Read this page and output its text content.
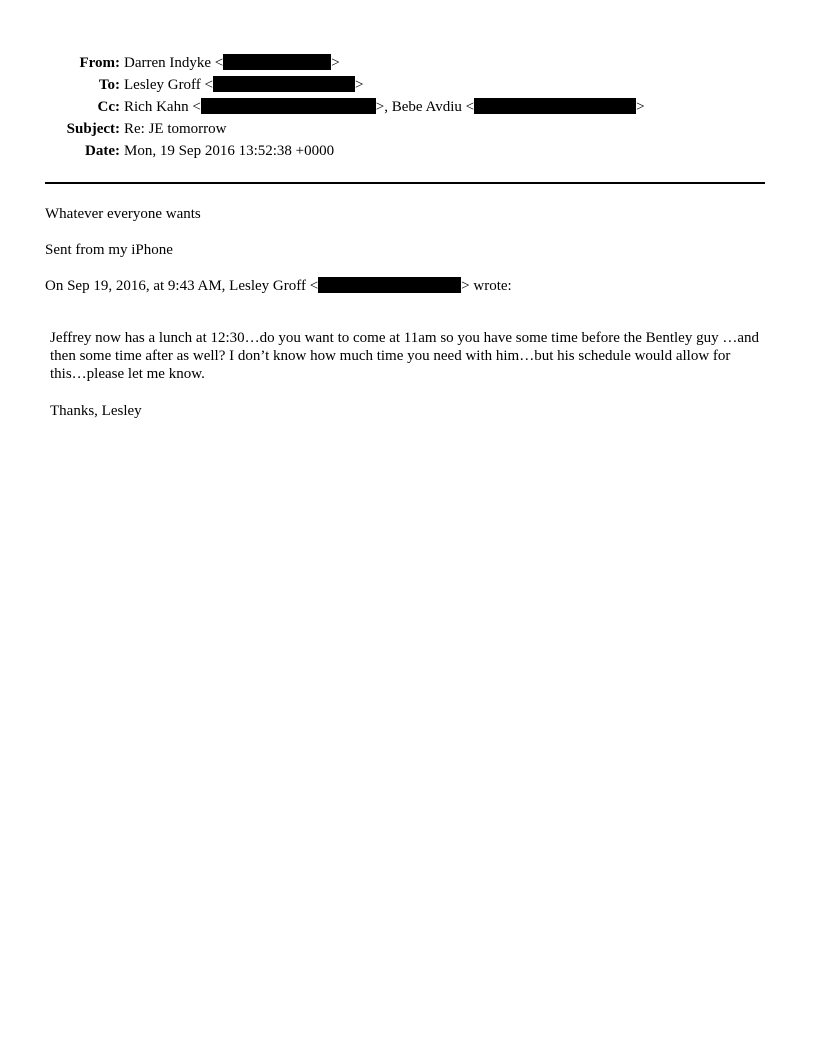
From: Darren Indyke <	>
To: Lesley Groff <	>
Cc: Rich Kahn <	>, Bebe Avdiu <	>
Subject: Re: JE tomorrow
Date: Mon, 19 Sep 2016 13:52:38 +0000
Whatever everyone wants
Sent from my iPhone
On Sep 19, 2016, at 9:43 AM, Lesley Groff <	> wrote:

Jeffrey now has a lunch at 12:30…do you want to come at 11am so you have some time before the Bentley guy …and then some time after as well? I don’t know how much time you need with him…but his schedule would allow for this…please let me know.

Thanks, Lesley
